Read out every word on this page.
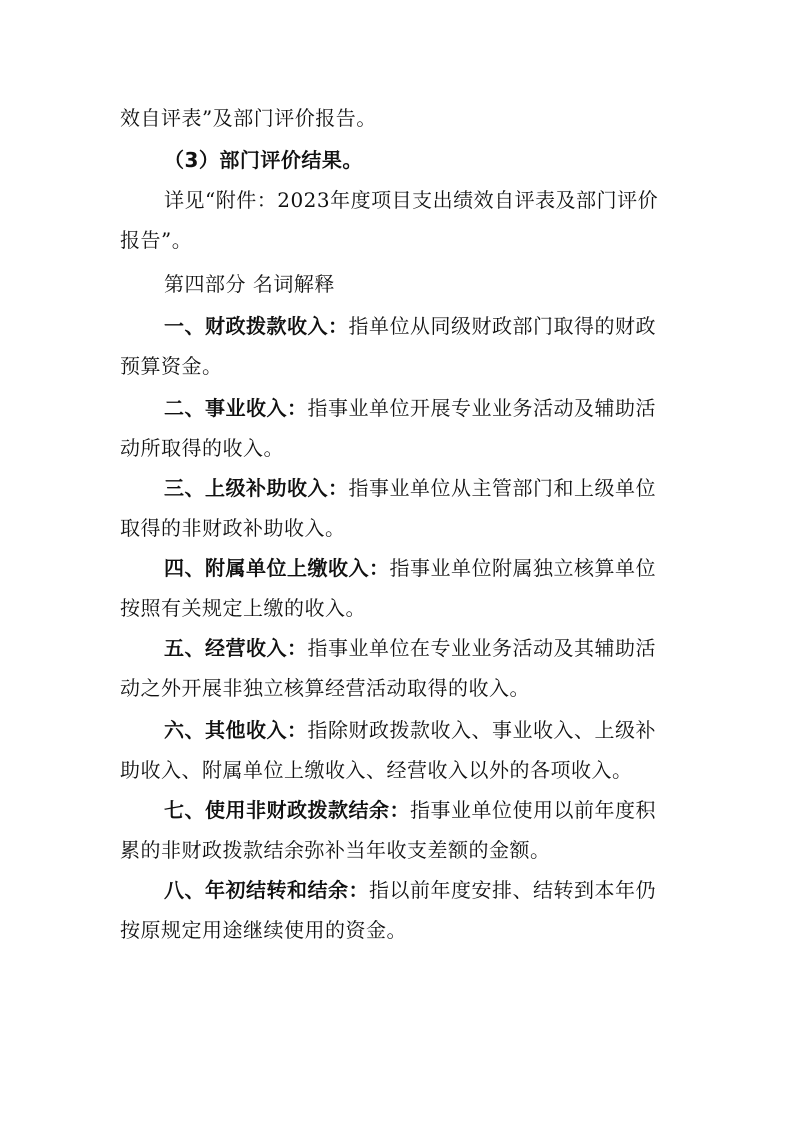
效自评表”及部门评价报告。
（3）部门评价结果。
详见“附件：2023年度项目支出绩效自评表及部门评价
报告”。
第四部分 名词解释
一、财政拨款收入：指单位从同级财政部门取得的财政
预算资金。
二、事业收入：指事业单位开展专业业务活动及辅助活
动所取得的收入。
三、上级补助收入：指事业单位从主管部门和上级单位
取得的非财政补助收入。
四、附属单位上缴收入：指事业单位附属独立核算单位
按照有关规定上缴的收入。
五、经营收入：指事业单位在专业业务活动及其辅助活
动之外开展非独立核算经营活动取得的收入。
六、其他收入：指除财政拨款收入、事业收入、上级补
助收入、附属单位上缴收入、经营收入以外的各项收入。
七、使用非财政拨款结余：指事业单位使用以前年度积
累的非财政拨款结余弥补当年收支差额的金额。
八、年初结转和结余：指以前年度安排、结转到本年仍
按原规定用途继续使用的资金。
